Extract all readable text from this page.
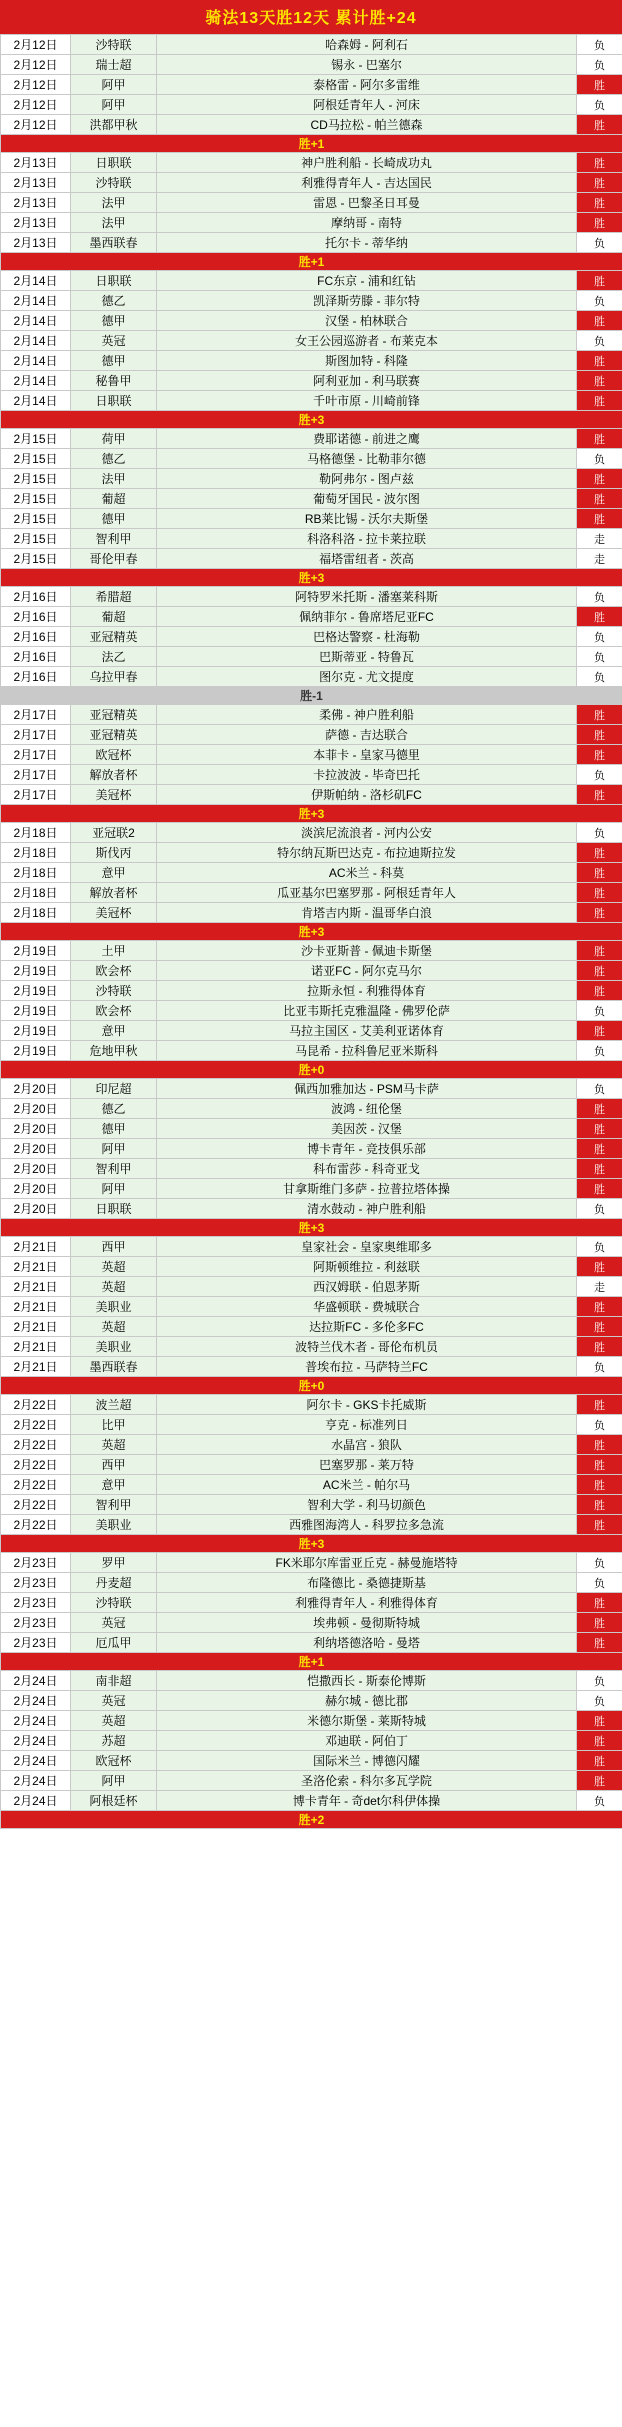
骑法13天胜12天 累计胜+24
2月12日	沙特联	哈森姆 - 阿利石	负
2月12日	瑞士超	锡永 - 巴塞尔	负
2月12日	阿甲	泰格雷 - 阿尔多雷维	胜
2月12日	阿甲	阿根廷青年人 - 河床	负
2月12日	洪都甲秋	CD马拉松 - 帕兰德森	胜
胜+1			
2月13日	日职联	神户胜利船 - 长崎成功丸	胜
2月13日	沙特联	利雅得青年人 - 吉达国民	胜
2月13日	法甲	雷恩 - 巴黎圣日耳曼	胜
2月13日	法甲	摩纳哥 - 南特	胜
2月13日	墨西联春	托尔卡 - 蒂华纳	负
胜+1			
2月14日	日职联	FC东京 - 浦和红钻	胜
2月14日	德乙	凯泽斯劳滕 - 菲尔特	负
2月14日	德甲	汉堡 - 柏林联合	胜
2月14日	英冠	女王公园巡游者 - 布莱克本	负
2月14日	德甲	斯图加特 - 科隆	胜
2月14日	秘鲁甲	阿利亚加 - 利马联赛	胜
2月14日	日职联	千叶市原 - 川崎前锋	胜
胜+3			
2月15日	荷甲	费耶诺德 - 前进之鹰	胜
2月15日	德乙	马格德堡 - 比勒菲尔德	负
2月15日	法甲	勒阿弗尔 - 图卢兹	胜
2月15日	葡超	葡萄牙国民 - 波尔图	胜
2月15日	德甲	RB莱比锡 - 沃尔夫斯堡	胜
2月15日	智利甲	科洛科洛 - 拉卡莱拉联	走
2月15日	哥伦甲春	福塔雷纽者 - 茨高	走
胜+3			
2月16日	希腊超	阿特罗米托斯 - 潘塞莱科斯	负
2月16日	葡超	佩纳菲尔 - 鲁席塔尼亚FC	胜
2月16日	亚冠精英	巴格达警察 - 杜海勒	负
2月16日	法乙	巴斯蒂亚 - 特鲁瓦	负
2月16日	乌拉甲春	图尔克 - 尤文提度	负
胜-1			
2月17日	亚冠精英	柔佛 - 神户胜利船	胜
2月17日	亚冠精英	萨德 - 吉达联合	胜
2月17日	欧冠杯	本菲卡 - 皇家马德里	胜
2月17日	解放者杯	卡拉波波 - 毕奇巴托	负
2月17日	美冠杯	伊斯帕纳 - 洛杉矶FC	胜
胜+3			
2月18日	亚冠联2	淡滨尼流浪者 - 河内公安	负
2月18日	斯伐丙	特尔纳瓦斯巴达克 - 布拉迪斯拉发	胜
2月18日	意甲	AC米兰 - 科莫	胜
2月18日	解放者杯	瓜亚基尔巴塞罗那 - 阿根廷青年人	胜
2月18日	美冠杯	肯塔吉内斯 - 温哥华白浪	胜
胜+3			
2月19日	土甲	沙卡亚斯普 - 佩迪卡斯堡	胜
2月19日	欧会杯	诺亚FC - 阿尔克马尔	胜
2月19日	沙特联	拉斯永恒 - 利雅得体育	胜
2月19日	欧会杯	比亚韦斯托克雅温隆 - 佛罗伦萨	负
2月19日	意甲	马拉主国区 - 艾美利亚诺体育	胜
2月19日	危地甲秋	马昆希 - 拉科鲁尼亚米斯科	负
胜+0			
2月20日	印尼超	佩西加雅加达 - PSM马卡萨	负
2月20日	德乙	波鸿 - 纽伦堡	胜
2月20日	德甲	美因茨 - 汉堡	胜
2月20日	阿甲	博卡青年 - 竞技俱乐部	胜
2月20日	智利甲	科布雷莎 - 科奇亚戈	胜
2月20日	阿甲	甘拿斯维门多萨 - 拉普拉塔体操	胜
2月20日	日职联	清水鼓动 - 神户胜利船	负
胜+3			
2月21日	西甲	皇家社会 - 皇家奥维耶多	负
2月21日	英超	阿斯顿维拉 - 利兹联	胜
2月21日	英超	西汉姆联 - 伯恩茅斯	走
2月21日	美职业	华盛顿联 - 费城联合	胜
2月21日	英超	达拉斯FC - 多伦多FC	胜
2月21日	美职业	波特兰伐木者 - 哥伦布机员	胜
2月21日	墨西联春	普埃布拉 - 马萨特兰FC	负
胜+0			
2月22日	波兰超	阿尔卡 - GKS卡托威斯	胜
2月22日	比甲	亨克 - 标准列日	负
2月22日	英超	水晶宫 - 狼队	胜
2月22日	西甲	巴塞罗那 - 莱万特	胜
2月22日	意甲	AC米兰 - 帕尔马	胜
2月22日	智利甲	智利大学 - 利马切颜色	胜
2月22日	美职业	西雅图海湾人 - 科罗拉多急流	胜
胜+3			
2月23日	罗甲	FK米耶尔库雷亚丘克 - 赫曼施塔特	负
2月23日	丹麦超	布隆德比 - 桑德捷斯基	负
2月23日	沙特联	利雅得青年人 - 利雅得体育	胜
2月23日	英冠	埃弗顿 - 曼彻斯特城	胜
2月23日	厄瓜甲	利纳塔德洛哈 - 曼塔	胜
胜+1			
2月24日	南非超	恺撒西长 - 斯泰伦博斯	负
2月24日	英冠	赫尔城 - 德比郡	负
2月24日	英超	米德尔斯堡 - 莱斯特城	胜
2月24日	苏超	邓迪联 - 阿伯丁	胜
2月24日	欧冠杯	国际米兰 - 博德闪耀	胜
2月24日	阿甲	圣洛伦索 - 科尔多瓦学院	胜
2月24日	阿根廷杯	博卡青年 - 奇det尔科伊体操	负
胜+2			
